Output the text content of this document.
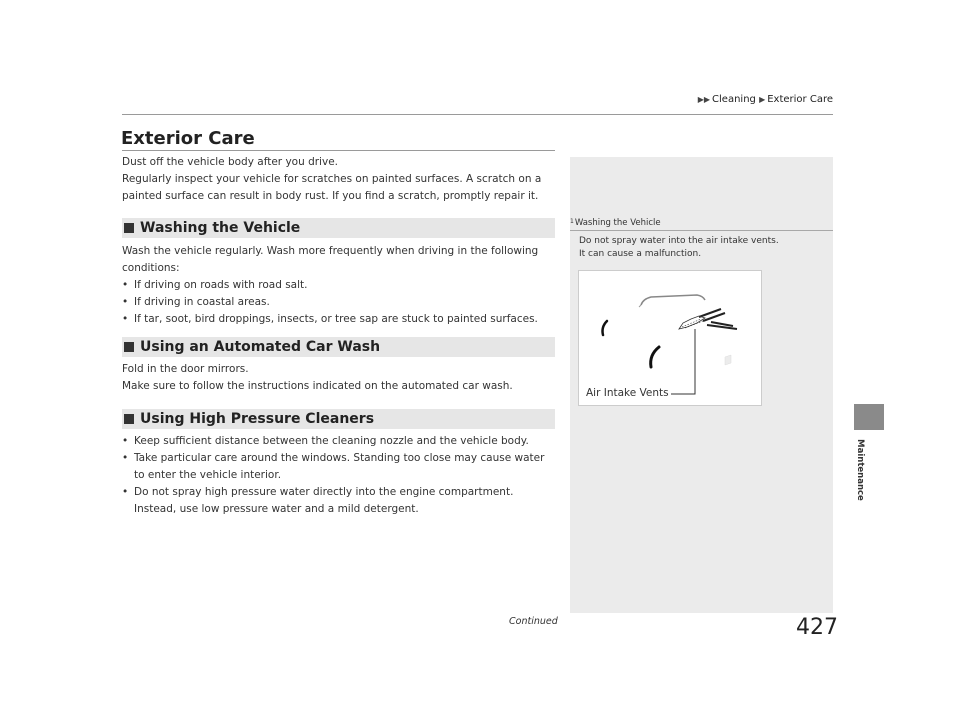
▶▶ Cleaning ▶ Exterior Care
Exterior Care

Dust off the vehicle body after you drive.

Regularly inspect your vehicle for scratches on painted surfaces. A scratch on a painted surface can result in body rust. If you find a scratch, promptly repair it.

Washing the Vehicle
Wash the vehicle regularly. Wash more frequently when driving in the following conditions:
• If driving on roads with road salt.
• If driving in coastal areas.
• If tar, soot, bird droppings, insects, or tree sap are stuck to painted surfaces.
Using an Automated Car Wash
Fold in the door mirrors.
Make sure to follow the instructions indicated on the automated car wash.
Using High Pressure Cleaners
• Keep sufficient distance between the cleaning nozzle and the vehicle body.
• Take particular care around the windows. Standing too close may cause water to enter the vehicle interior.
• Do not spray high pressure water directly into the engine compartment. Instead, use low pressure water and a mild detergent.
$^1$Washing the Vehicle
Do not spray water into the air intake vents.
It can cause a malfunction.
Air Intake Vents
Continued	427
Maintenance
